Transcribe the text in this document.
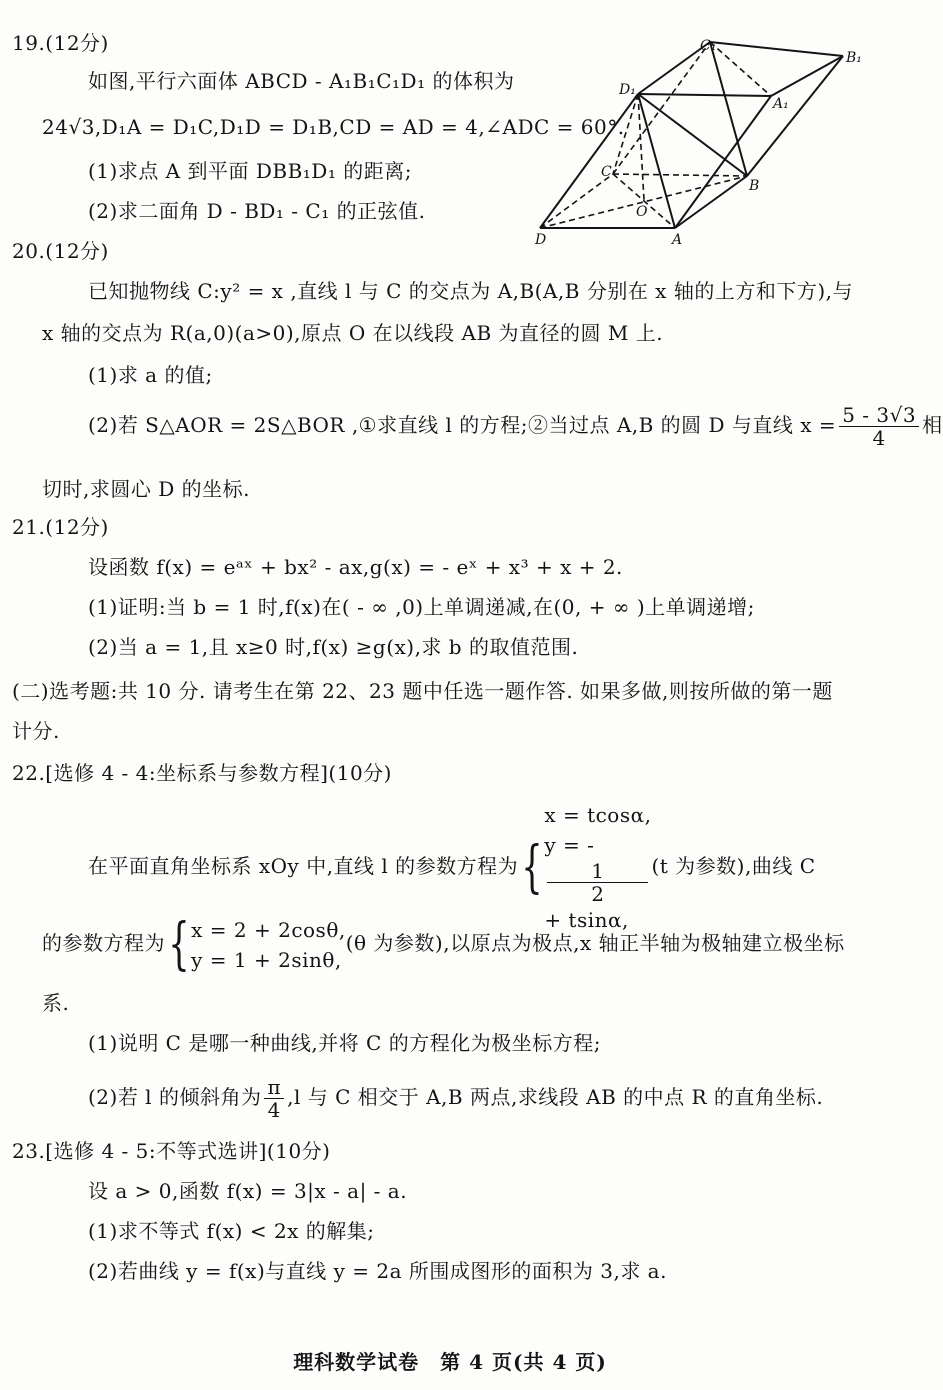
19.(12分)
如图,平行六面体 ABCD - A₁B₁C₁D₁ 的体积为
24√3,D₁A = D₁C,D₁D = D₁B,CD = AD = 4,∠ADC = 60°.
(1)求点 A 到平面 DBB₁D₁ 的距离;
(2)求二面角 D - BD₁ - C₁ 的正弦值.
C₁
B₁
D₁
A₁
C
B
O
D	A
20.(12分)
已知抛物线 C:y² = x ,直线 l 与 C 的交点为 A,B(A,B 分别在 x 轴的上方和下方),与
x 轴的交点为 R(a,0)(a>0),原点 O 在以线段 AB 为直径的圆 M 上.
(1)求 a 的值;
(2)若 S△AOR = 2S△BOR ,①求直线 l 的方程;②当过点 A,B 的圆 D 与直线 $x = \frac{5 - 3√3}{4}$ 相
切时,求圆心 D 的坐标.
21.(12分)
设函数 f(x) = eᵃˣ + bx² - ax,g(x) = - eˣ + x³ + x + 2.
(1)证明:当 b = 1 时,f(x)在( - ∞ ,0)上单调递减,在(0, + ∞ )上单调递增;
(2)当 a = 1,且 x≥0 时,f(x) ≥g(x),求 b 的取值范围.
(二)选考题:共 10 分. 请考生在第 22、23 题中任选一题作答. 如果多做,则按所做的第一题
计分.
22.[选修 4 - 4:坐标系与参数方程](10分)
在平面直角坐标系 xOy 中,直线 l 的参数方程为{
x = tcosα,
y = -
1
2
+ tsinα,
(t 为参数),曲线 C
的参数方程为{ x = 2 + 2cosθ,
y = 1 + 2sinθ,
(θ 为参数),以原点为极点,x 轴正半轴为极轴建立极坐标
系.
(1)说明 C 是哪一种曲线,并将 C 的方程化为极坐标方程;
(2)若 l 的倾斜角为 $\frac{\pi}{4} ,l$ 与 C 相交于 A,B 两点,求线段 AB 的中点 R 的直角坐标.
23.[选修 4 - 5:不等式选讲](10分)
设 a > 0,函数 f(x) = 3|x - a| - a.
(1)求不等式 f(x) < 2x 的解集;
(2)若曲线 y = f(x)与直线 y = 2a 所围成图形的面积为 3,求 a.
理科数学试卷　第 4 页(共 4 页)
